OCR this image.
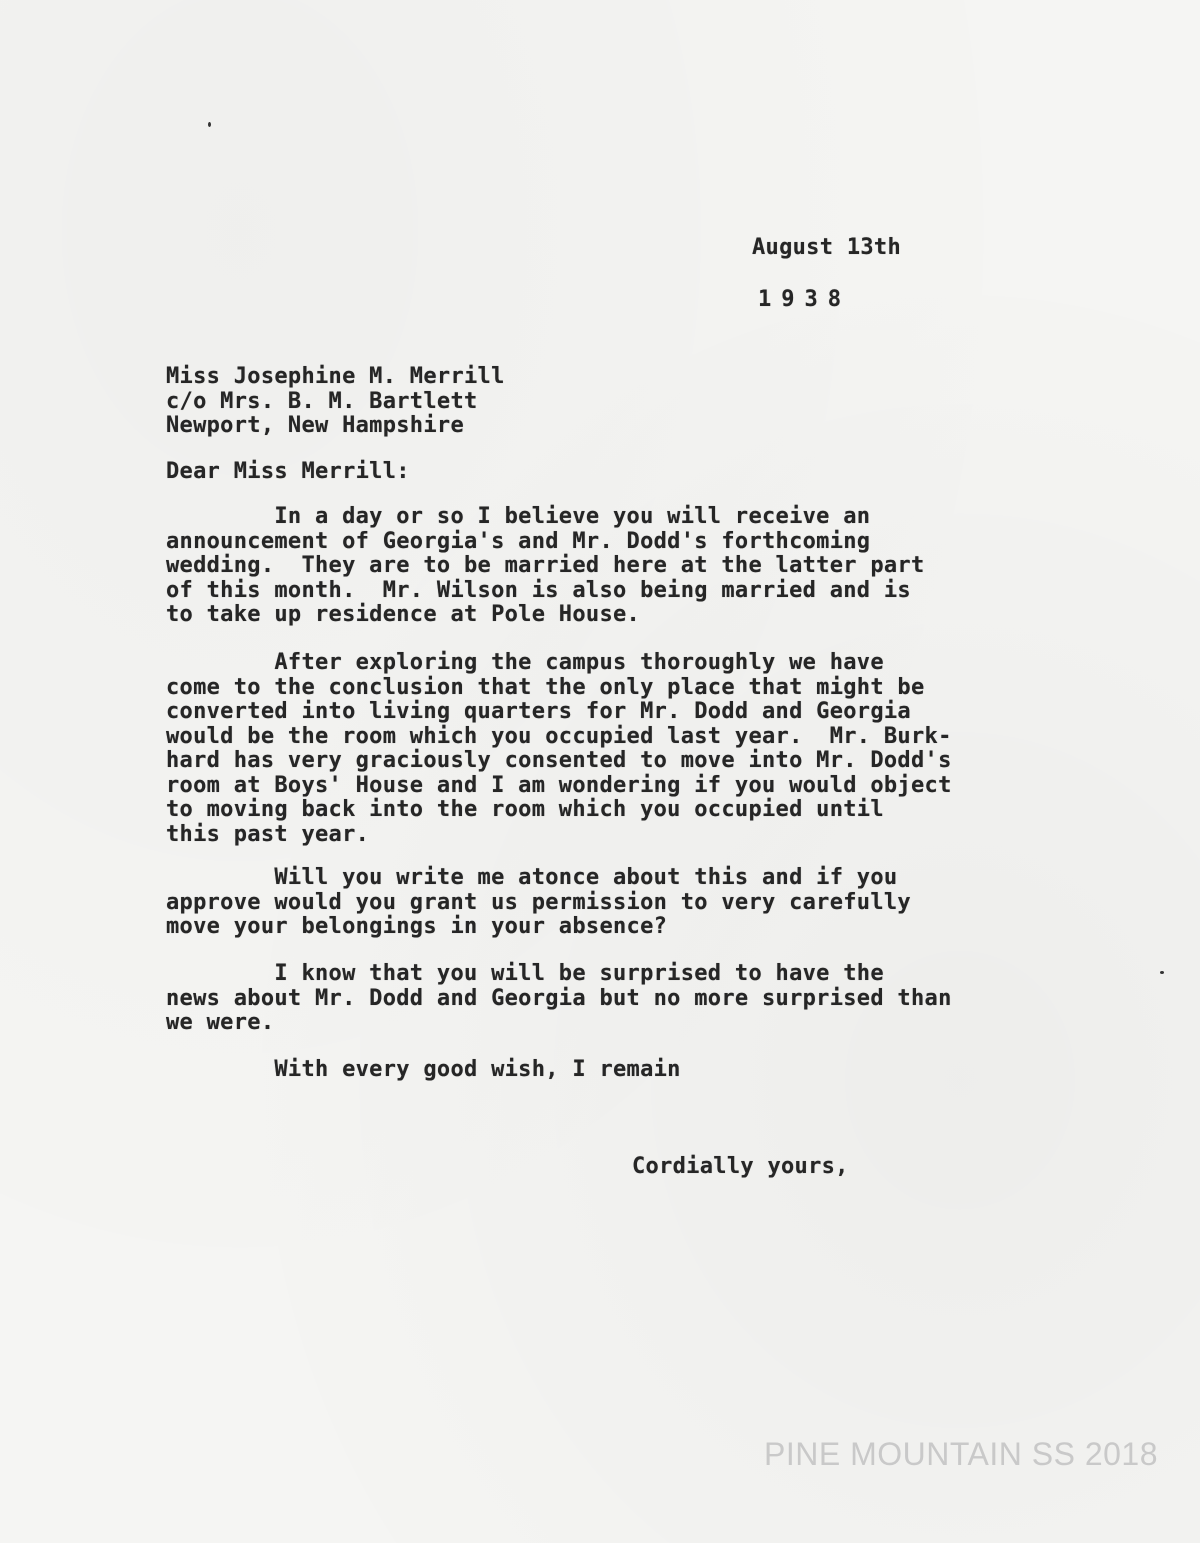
August 13th
1938
Miss Josephine M. Merrill
c/o Mrs. B. M. Bartlett
Newport, New Hampshire
Dear Miss Merrill:
In a day or so I believe you will receive an
announcement of Georgia's and Mr. Dodd's forthcoming
wedding.  They are to be married here at the latter part
of this month.  Mr. Wilson is also being married and is
to take up residence at Pole House.
After exploring the campus thoroughly we have
come to the conclusion that the only place that might be
converted into living quarters for Mr. Dodd and Georgia
would be the room which you occupied last year.  Mr. Burk-
hard has very graciously consented to move into Mr. Dodd's
room at Boys' House and I am wondering if you would object
to moving back into the room which you occupied until
this past year.
Will you write me atonce about this and if you
approve would you grant us permission to very carefully
move your belongings in your absence?
I know that you will be surprised to have the
news about Mr. Dodd and Georgia but no more surprised than
we were.
With every good wish, I remain
Cordially yours,
PINE MOUNTAIN SS 2018
